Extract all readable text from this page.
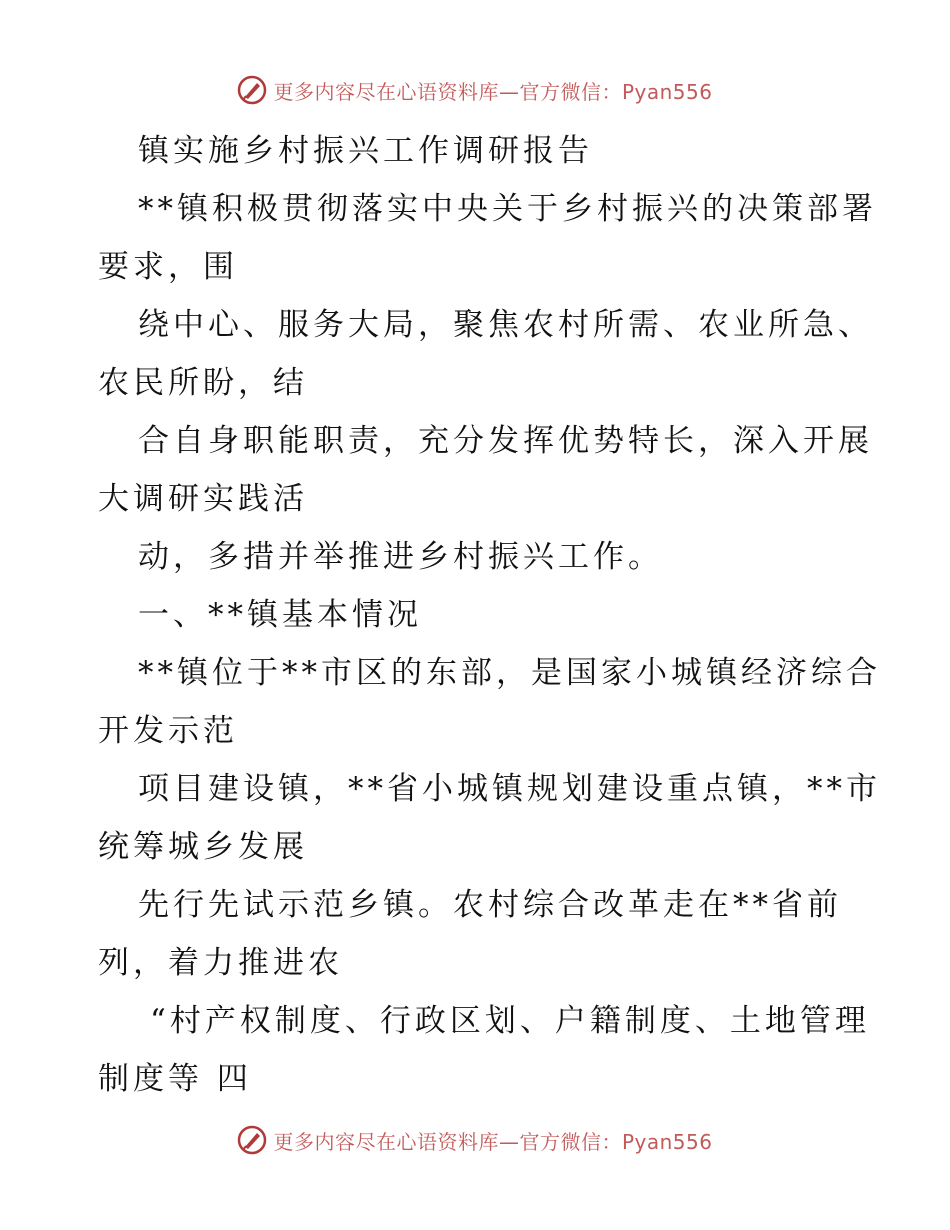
更多内容尽在心语资料库—官方微信：Pyan556
镇实施乡村振兴工作调研报告
**镇积极贯彻落实中央关于乡村振兴的决策部署
要求，围
绕中心、服务大局，聚焦农村所需、农业所急、
农民所盼，结
合自身职能职责，充分发挥优势特长，深入开展
大调研实践活
动，多措并举推进乡村振兴工作。
一、**镇基本情况
**镇位于**市区的东部，是国家小城镇经济综合
开发示范
项目建设镇，**省小城镇规划建设重点镇，**市
统筹城乡发展
先行先试示范乡镇。农村综合改革走在**省前
列，着力推进农
“村产权制度、行政区划、户籍制度、土地管理
制度等 四
更多内容尽在心语资料库—官方微信：Pyan556
